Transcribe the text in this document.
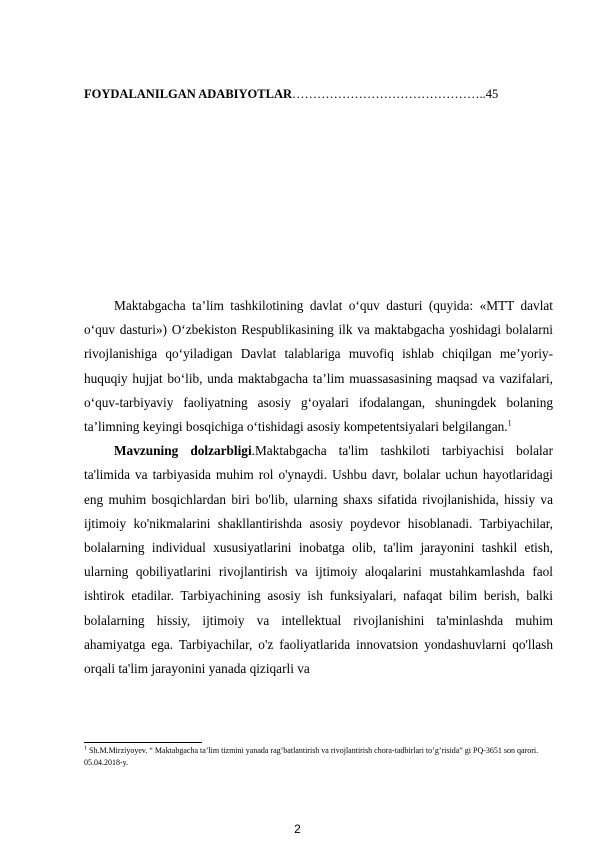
FOYDALANILGAN ADABIYOTLAR………………………………………..45

Maktabgacha ta’lim tashkilotining davlat o‘quv dasturi (quyida: «MTT davlat o‘quv dasturi») O‘zbekiston Respublikasining ilk va maktabgacha yoshidagi bolalarni rivojlanishiga qo‘yiladigan Davlat talablariga muvofiq ishlab chiqilgan me’yoriy-huquqiy hujjat bo‘lib, unda maktabgacha ta’lim muassasasining maqsad va vazifalari, o‘quv-tarbiyaviy faoliyatning asosiy g‘oyalari ifodalangan, shuningdek bolaning ta’limning keyingi bosqichiga o‘tishidagi asosiy kompetentsiyalari belgilangan.$^1$

Mavzuning dolzarbligi.Maktabgacha ta'lim tashkiloti tarbiyachisi bolalar ta'limida va tarbiyasida muhim rol o'ynaydi. Ushbu davr, bolalar uchun hayotlaridagi eng muhim bosqichlardan biri bo'lib, ularning shaxs sifatida rivojlanishida, hissiy va ijtimoiy ko'nikmalarini shakllantirishda asosiy poydevor hisoblanadi. Tarbiyachilar, bolalarning individual xususiyatlarini inobatga olib, ta'lim jarayonini tashkil etish, ularning qobiliyatlarini rivojlantirish va ijtimoiy aloqalarini mustahkamlashda faol ishtirok etadilar. Tarbiyachining asosiy ish funksiyalari, nafaqat bilim berish, balki bolalarning hissiy, ijtimoiy va intellektual rivojlanishini ta'minlashda muhim ahamiyatga ega. Tarbiyachilar, o'z faoliyatlarida innovatsion yondashuvlarni qo'llash orqali ta'lim jarayonini yanada qiziqarli va

$^1$ Sh.M.Mirziyoyev. “ Maktabgacha ta’lim tizmini yanada rag’batlantirish va rivojlantirish chora-tadbirlari to’g’risida” gi PQ-3651 son qarori. 05.04.2018-y.
2
